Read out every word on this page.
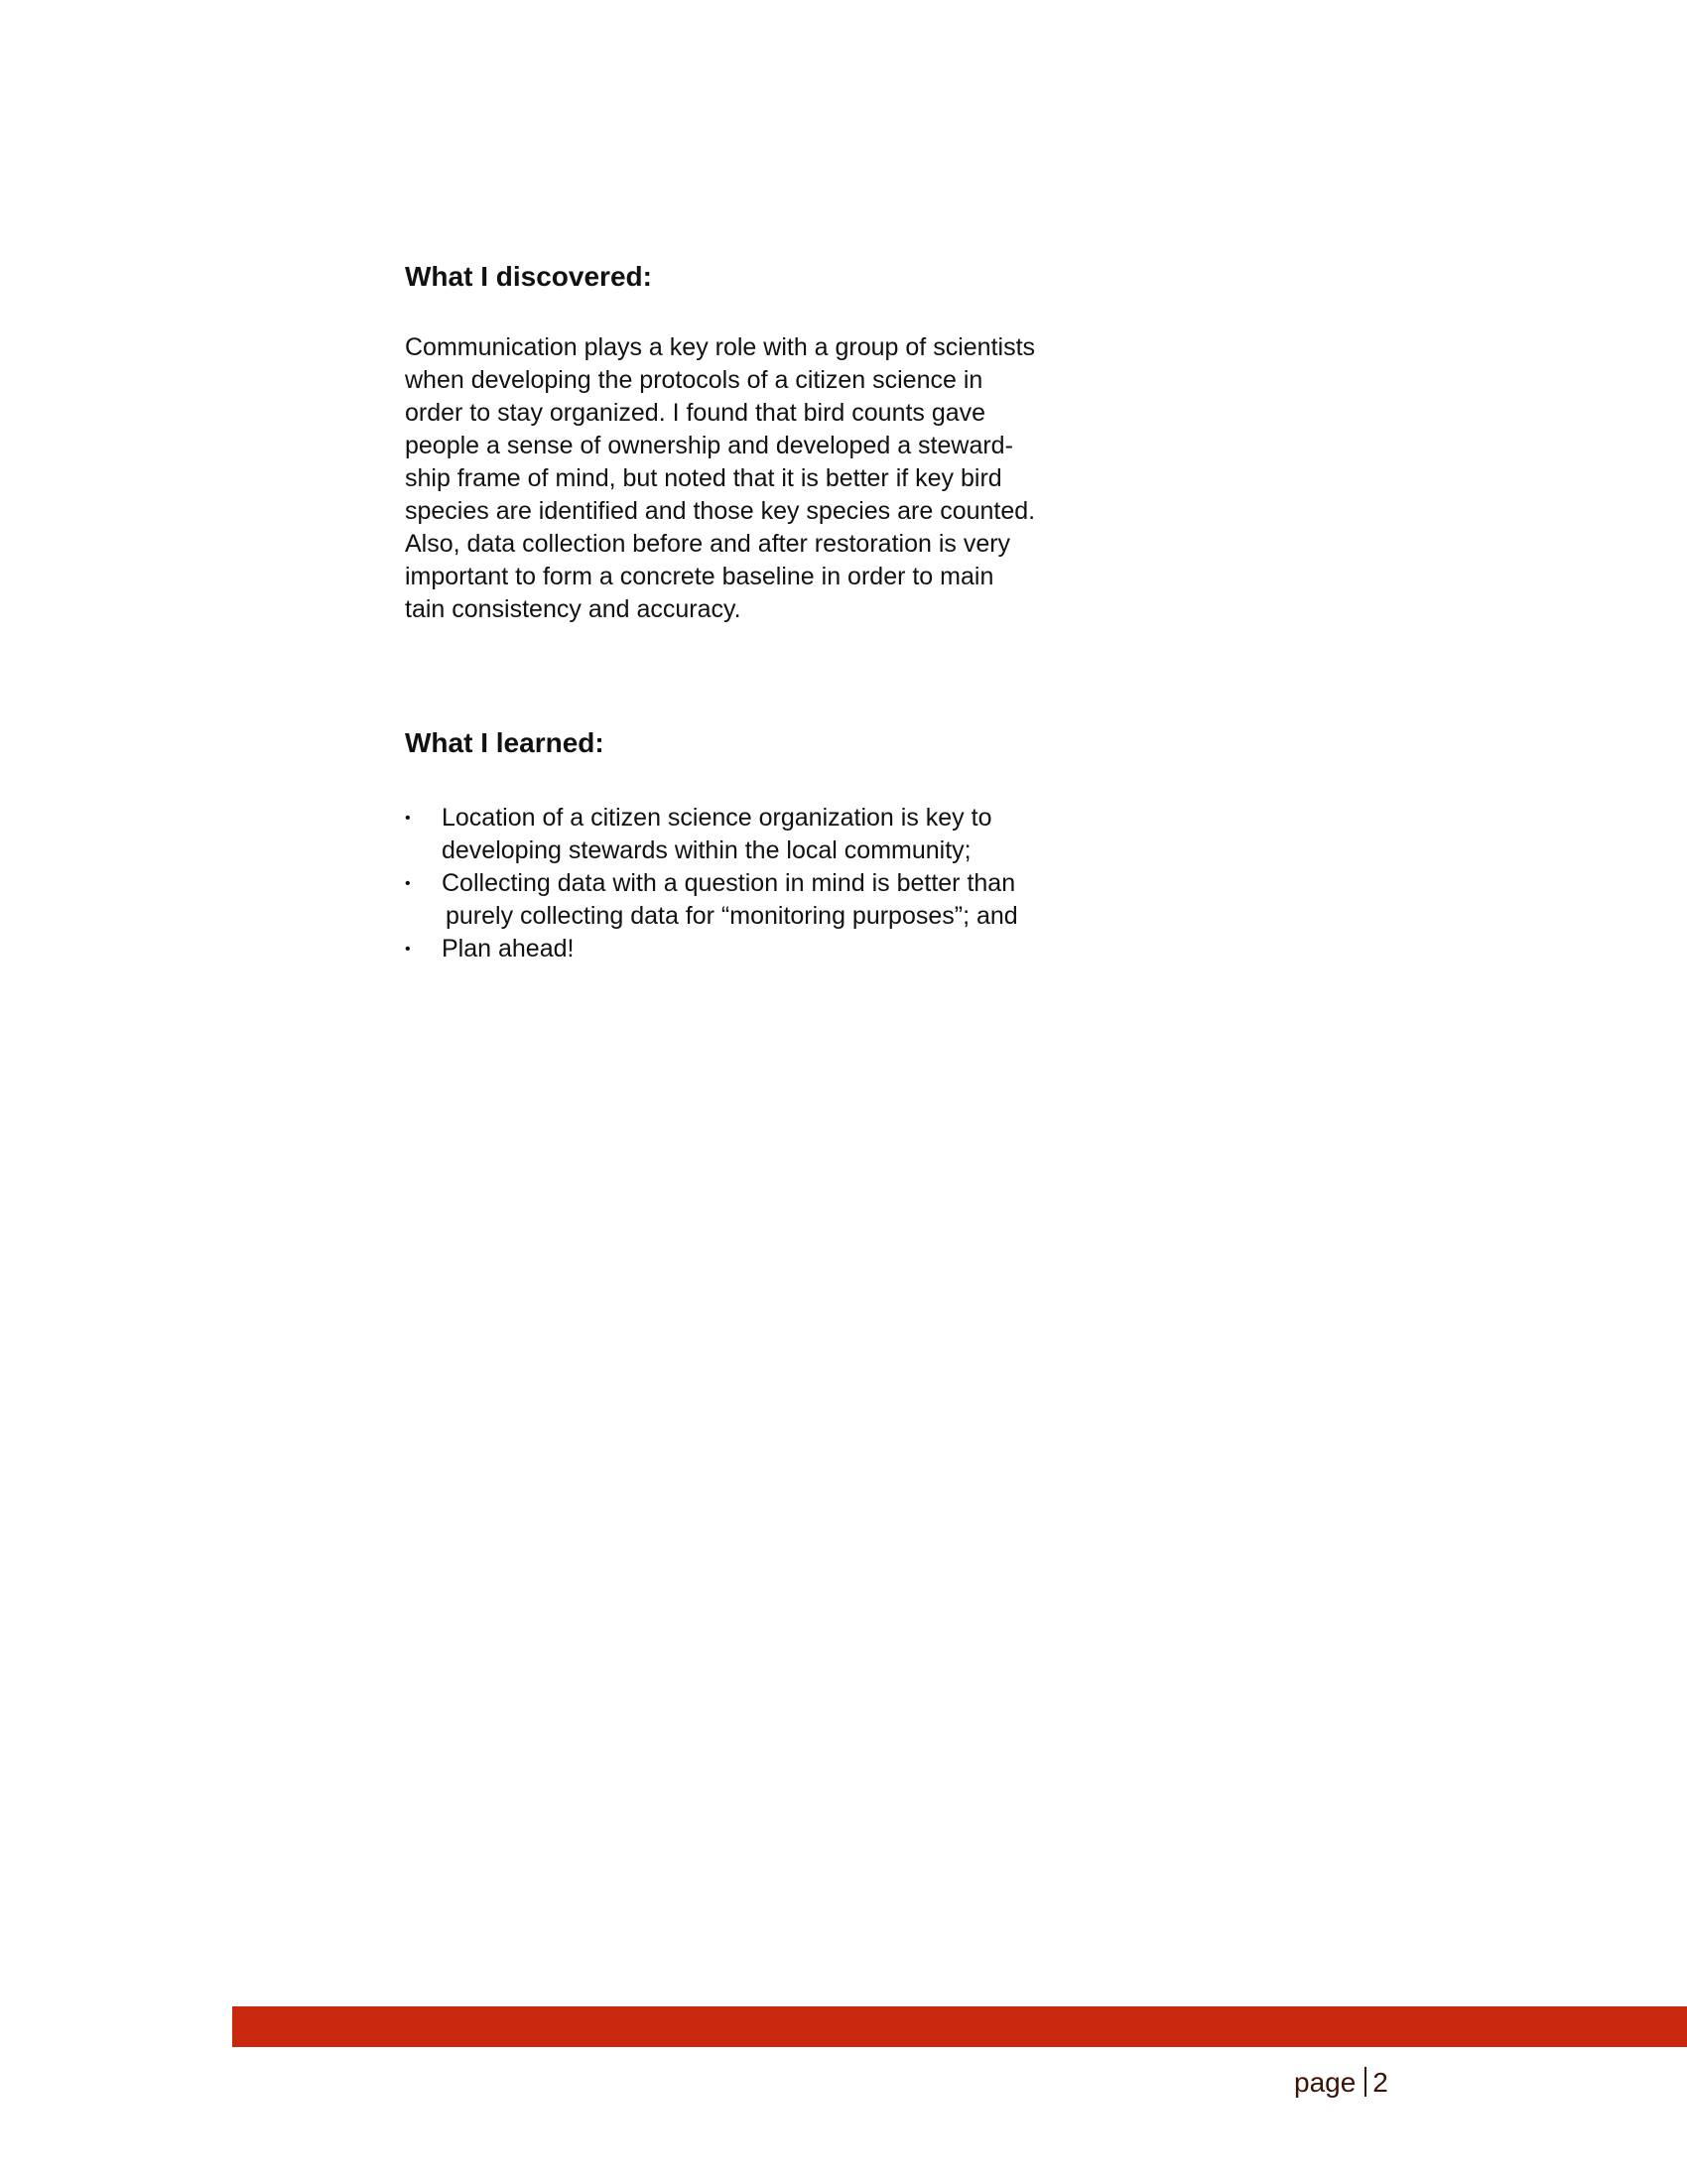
What I discovered:
Communication plays a key role with a group of scientists
when developing the protocols of a citizen science in
order to stay organized. I found that bird counts gave
people a sense of ownership and developed a steward-
ship frame of mind, but noted that it is better if key bird
species are identified and those key species are counted.
Also, data collection before and after restoration is very
important to form a concrete baseline in order to main
tain consistency and accuracy.
What I learned:
•	Location of a citizen science organization is key to
developing stewards within the local community;
•	Collecting data with a question in mind is better than
purely collecting data for “monitoring purposes”; and
•	Plan ahead!
page 2
